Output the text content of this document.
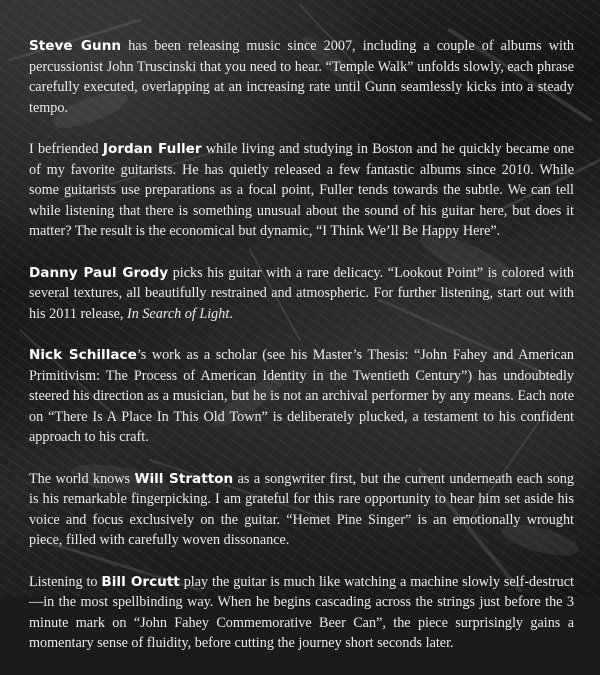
Steve Gunn has been releasing music since 2007, including a couple of albums with percussionist John Truscinski that you need to hear. “Temple Walk” unfolds slowly, each phrase carefully executed, overlapping at an increasing rate until Gunn seamlessly kicks into a steady tempo.

I befriended Jordan Fuller while living and studying in Boston and he quickly became one of my favorite guitarists. He has quietly released a few fantastic albums since 2010. While some guitarists use preparations as a focal point, Fuller tends towards the subtle. We can tell while listening that there is something unusual about the sound of his guitar here, but does it matter? The result is the economical but dynamic, “I Think We’ll Be Happy Here”.

Danny Paul Grody picks his guitar with a rare delicacy. “Lookout Point” is colored with several textures, all beautifully restrained and atmospheric. For further listening, start out with his 2011 release, In Search of Light.

Nick Schillace’s work as a scholar (see his Master’s Thesis: “John Fahey and American Primitivism: The Process of American Identity in the Twentieth Century”) has undoubtedly steered his direction as a musician, but he is not an archival performer by any means. Each note on “There Is A Place In This Old Town” is deliberately plucked, a testament to his confident approach to his craft.

The world knows Will Stratton as a songwriter first, but the current underneath each song is his remarkable fingerpicking. I am grateful for this rare opportunity to hear him set aside his voice and focus exclusively on the guitar. “Hemet Pine Singer” is an emotionally wrought piece, filled with carefully woven dissonance.

Listening to Bill Orcutt play the guitar is much like watching a machine slowly self-destruct—in the most spellbinding way. When he begins cascading across the strings just before the 3 minute mark on “John Fahey Commemorative Beer Can”, the piece surprisingly gains a momentary sense of fluidity, before cutting the journey short seconds later.
